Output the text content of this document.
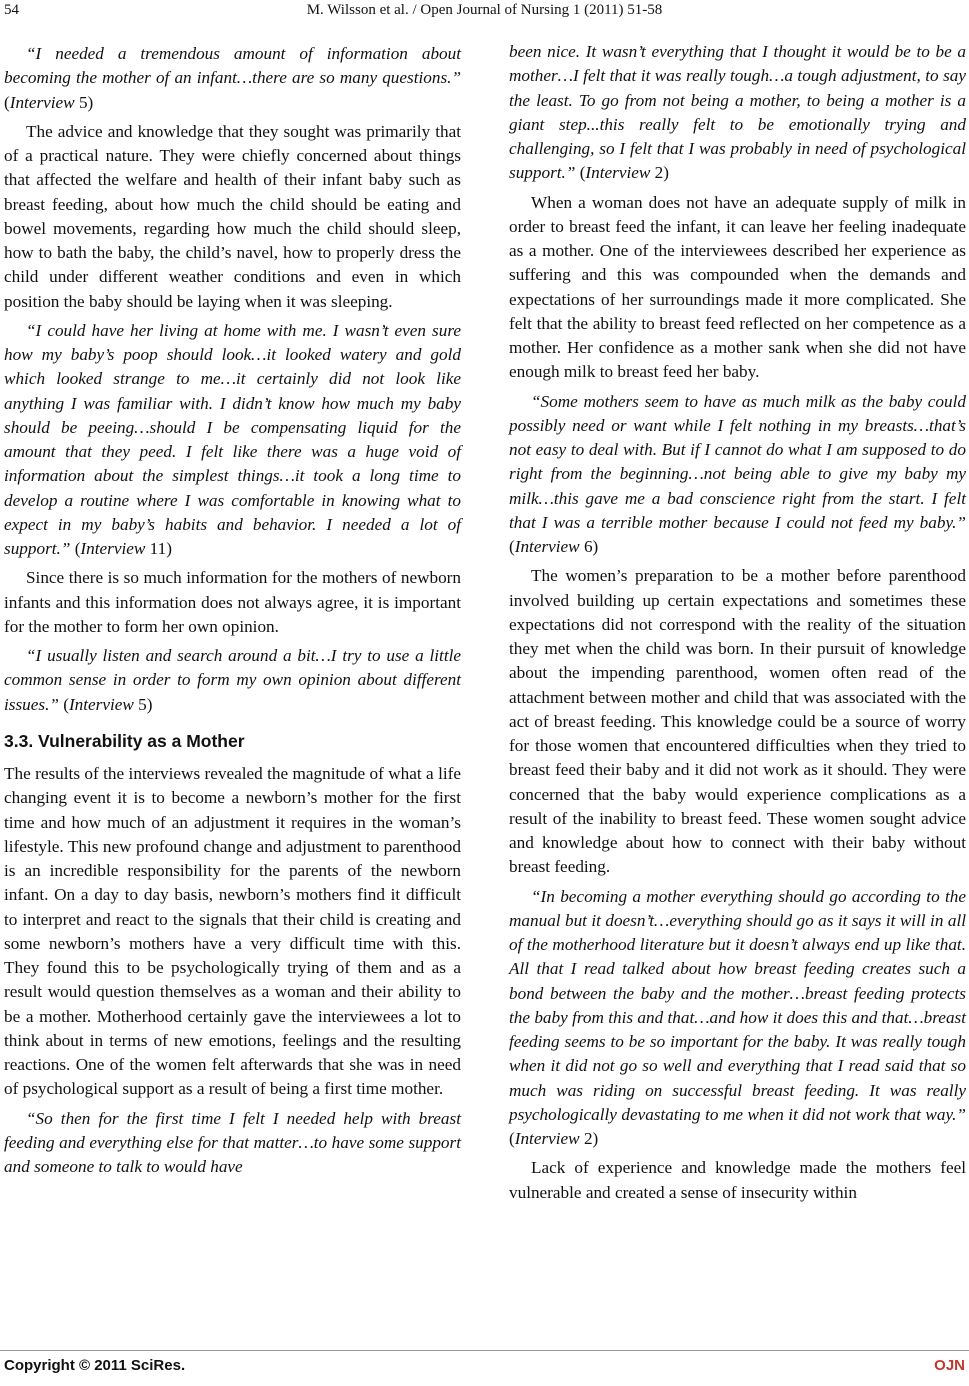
54	M. Wilsson et al. / Open Journal of Nursing 1 (2011) 51-58

“I needed a tremendous amount of information about becoming the mother of an infant…there are so many questions.” (Interview 5)

The advice and knowledge that they sought was primarily that of a practical nature. They were chiefly concerned about things that affected the welfare and health of their infant baby such as breast feeding, about how much the child should be eating and bowel movements, regarding how much the child should sleep, how to bath the baby, the child’s navel, how to properly dress the child under different weather conditions and even in which position the baby should be laying when it was sleeping.

“I could have her living at home with me. I wasn’t even sure how my baby’s poop should look…it looked watery and gold which looked strange to me…it certainly did not look like anything I was familiar with. I didn’t know how much my baby should be peeing…should I be compensating liquid for the amount that they peed. I felt like there was a huge void of information about the simplest things…it took a long time to develop a routine where I was comfortable in knowing what to expect in my baby’s habits and behavior. I needed a lot of support.” (Interview 11)

Since there is so much information for the mothers of newborn infants and this information does not always agree, it is important for the mother to form her own opinion.

“I usually listen and search around a bit…I try to use a little common sense in order to form my own opinion about different issues.” (Interview 5)

3.3. Vulnerability as a Mother

The results of the interviews revealed the magnitude of what a life changing event it is to become a newborn’s mother for the first time and how much of an adjustment it requires in the woman’s lifestyle. This new profound change and adjustment to parenthood is an incredible responsibility for the parents of the newborn infant. On a day to day basis, newborn’s mothers find it difficult to interpret and react to the signals that their child is creating and some newborn’s mothers have a very difficult time with this. They found this to be psychologically trying of them and as a result would question themselves as a woman and their ability to be a mother. Motherhood certainly gave the interviewees a lot to think about in terms of new emotions, feelings and the resulting reactions. One of the women felt afterwards that she was in need of psychological support as a result of being a first time mother.

“So then for the first time I felt I needed help with breast feeding and everything else for that matter…to have some support and someone to talk to would have

been nice. It wasn’t everything that I thought it would be to be a mother…I felt that it was really tough…a tough adjustment, to say the least. To go from not being a mother, to being a mother is a giant step...this really felt to be emotionally trying and challenging, so I felt that I was probably in need of psychological support.” (Interview 2)

When a woman does not have an adequate supply of milk in order to breast feed the infant, it can leave her feeling inadequate as a mother. One of the interviewees described her experience as suffering and this was compounded when the demands and expectations of her surroundings made it more complicated. She felt that the ability to breast feed reflected on her competence as a mother. Her confidence as a mother sank when she did not have enough milk to breast feed her baby.

“Some mothers seem to have as much milk as the baby could possibly need or want while I felt nothing in my breasts…that’s not easy to deal with. But if I cannot do what I am supposed to do right from the beginning…not being able to give my baby my milk…this gave me a bad conscience right from the start. I felt that I was a terrible mother because I could not feed my baby.” (Interview 6)

The women’s preparation to be a mother before parenthood involved building up certain expectations and sometimes these expectations did not correspond with the reality of the situation they met when the child was born. In their pursuit of knowledge about the impending parenthood, women often read of the attachment between mother and child that was associated with the act of breast feeding. This knowledge could be a source of worry for those women that encountered difficulties when they tried to breast feed their baby and it did not work as it should. They were concerned that the baby would experience complications as a result of the inability to breast feed. These women sought advice and knowledge about how to connect with their baby without breast feeding.

“In becoming a mother everything should go according to the manual but it doesn’t…everything should go as it says it will in all of the motherhood literature but it doesn’t always end up like that. All that I read talked about how breast feeding creates such a bond between the baby and the mother…breast feeding protects the baby from this and that…and how it does this and that…breast feeding seems to be so important for the baby. It was really tough when it did not go so well and everything that I read said that so much was riding on successful breast feeding. It was really psychologically devastating to me when it did not work that way.” (Interview 2)

Lack of experience and knowledge made the mothers feel vulnerable and created a sense of insecurity within

Copyright © 2011 SciRes.	OJN
